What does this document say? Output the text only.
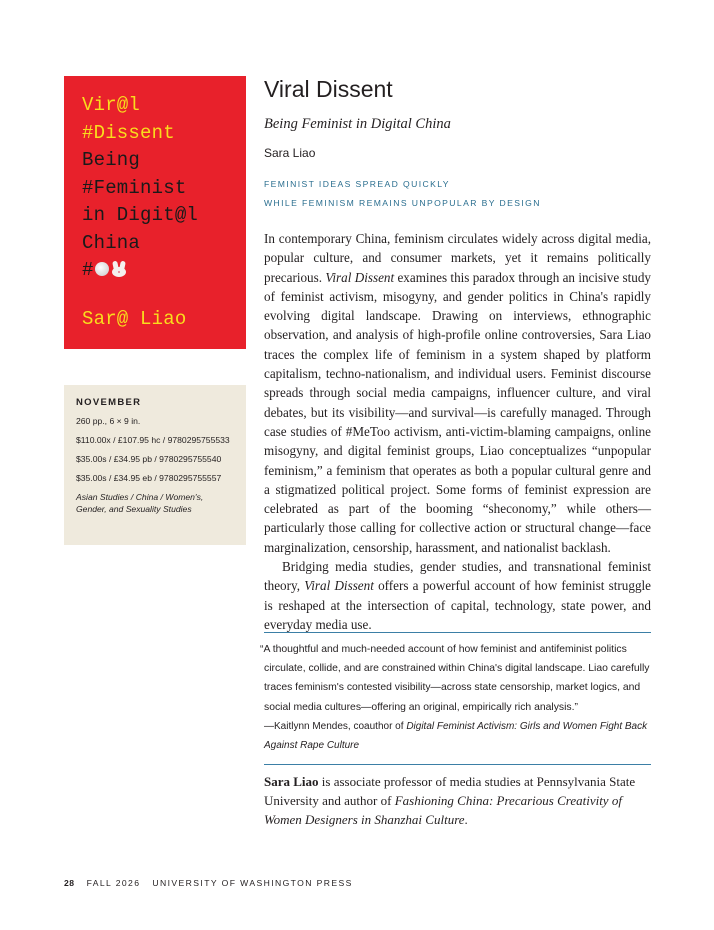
Vir@l
#Dissent
Being
#Feminist
in Digit@l
China
#
Sar@ Liao
NOVEMBER
260 pp., 6 × 9 in.
$110.00x / £107.95 hc / 9780295755533
$35.00s / £34.95 pb / 9780295755540
$35.00s / £34.95 eb / 9780295755557
Asian Studies / China / Women's, Gender, and Sexuality Studies
Viral Dissent
Being Feminist in Digital China
Sara Liao
FEMINIST IDEAS SPREAD QUICKLY
WHILE FEMINISM REMAINS UNPOPULAR BY DESIGN

In contemporary China, feminism circulates widely across digital media, popular culture, and consumer markets, yet it remains politically precarious. Viral Dissent examines this paradox through an incisive study of feminist activism, misogyny, and gender politics in China's rapidly evolving digital landscape. Drawing on interviews, ethnographic observation, and analysis of high-profile online controversies, Sara Liao traces the complex life of feminism in a system shaped by platform capitalism, techno-nationalism, and individual users. Feminist discourse spreads through social media campaigns, influencer culture, and viral debates, but its visibility—and survival—is carefully managed. Through case studies of #MeToo activism, anti-victim-blaming campaigns, online misogyny, and digital feminist groups, Liao conceptualizes “unpopular feminism,” a feminism that operates as both a popular cultural genre and a stigmatized political project. Some forms of feminist expression are celebrated as part of the booming “sheconomy,” while others—particularly those calling for collective action or structural change—face marginalization, censorship, harassment, and nationalist backlash.

Bridging media studies, gender studies, and transnational feminist theory, Viral Dissent offers a powerful account of how feminist struggle is reshaped at the intersection of capital, technology, state power, and everyday media use.

“A thoughtful and much-needed account of how feminist and antifeminist politics circulate, collide, and are constrained within China's digital landscape. Liao carefully traces feminism's contested visibility—across state censorship, market logics, and social media cultures—offering an original, empirically rich analysis.”
—Kaitlynn Mendes, coauthor of Digital Feminist Activism: Girls and Women Fight Back Against Rape Culture
Sara Liao is associate professor of media studies at Pennsylvania State University and author of Fashioning China: Precarious Creativity of Women Designers in Shanzhai Culture.
28 FALL 2026 UNIVERSITY OF WASHINGTON PRESS
